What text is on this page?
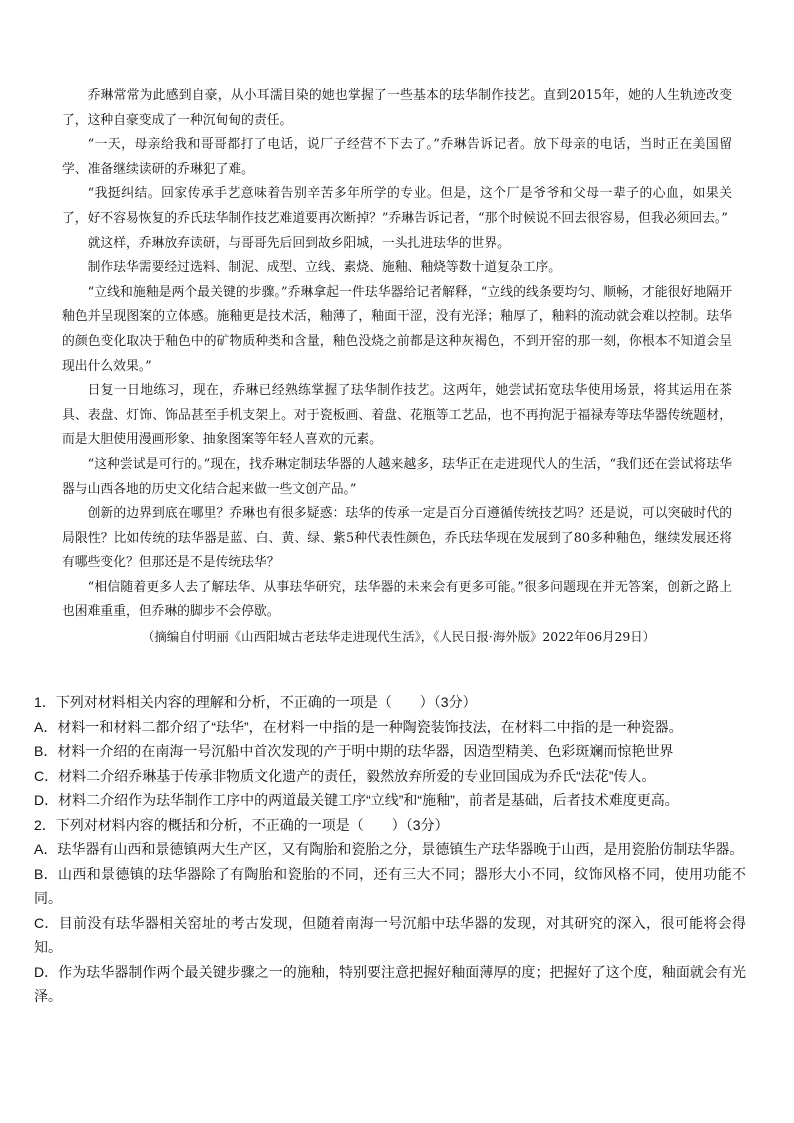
乔琳常常为此感到自豪，从小耳濡目染的她也掌握了一些基本的珐华制作技艺。直到2015年，她的人生轨迹改变了，这种自豪变成了一种沉甸甸的责任。

“一天，母亲给我和哥哥都打了电话，说厂子经营不下去了。”乔琳告诉记者。放下母亲的电话，当时正在美国留学、准备继续读研的乔琳犯了难。

“我挺纠结。回家传承手艺意味着告别辛苦多年所学的专业。但是，这个厂是爷爷和父母一辈子的心血，如果关了，好不容易恢复的乔氏珐华制作技艺难道要再次断掉？”乔琳告诉记者，“那个时候说不回去很容易，但我必须回去。”

就这样，乔琳放弃读研，与哥哥先后回到故乡阳城，一头扎进珐华的世界。

制作珐华需要经过选料、制泥、成型、立线、素烧、施釉、釉烧等数十道复杂工序。

“立线和施釉是两个最关键的步骤。”乔琳拿起一件珐华器给记者解释，“立线的线条要均匀、顺畅，才能很好地隔开釉色并呈现图案的立体感。施釉更是技术活，釉薄了，釉面干涩，没有光泽；釉厚了，釉料的流动就会难以控制。珐华的颜色变化取决于釉色中的矿物质种类和含量，釉色没烧之前都是这种灰褐色，不到开窑的那一刻，你根本不知道会呈现出什么效果。”

日复一日地练习，现在，乔琳已经熟练掌握了珐华制作技艺。这两年，她尝试拓宽珐华使用场景，将其运用在茶具、表盘、灯饰、饰品甚至手机支架上。对于瓷板画、着盘、花瓶等工艺品，也不再拘泥于福禄寿等珐华器传统题材，而是大胆使用漫画形象、抽象图案等年轻人喜欢的元素。

“这种尝试是可行的。”现在，找乔琳定制珐华器的人越来越多，珐华正在走进现代人的生活，“我们还在尝试将珐华器与山西各地的历史文化结合起来做一些文创产品。”

创新的边界到底在哪里？乔琳也有很多疑惑：珐华的传承一定是百分百遵循传统技艺吗？还是说，可以突破时代的局限性？比如传统的珐华器是蓝、白、黄、绿、紫5种代表性颜色，乔氏珐华现在发展到了80多种釉色，继续发展还将有哪些变化？但那还是不是传统珐华？

“相信随着更多人去了解珐华、从事珐华研究，珐华器的未来会有更多可能。”很多问题现在并无答案，创新之路上也困难重重，但乔琳的脚步不会停歇。

（摘编自付明丽《山西阳城古老珐华走进现代生活》，《人民日报·海外版》2022年06月29日）

1．下列对材料相关内容的理解和分析，不正确的一项是（　　）（3分）

A．材料一和材料二都介绍了“珐华”，在材料一中指的是一种陶瓷装饰技法，在材料二中指的是一种瓷器。

B．材料一介绍的在南海一号沉船中首次发现的产于明中期的珐华器，因造型精美、色彩斑斓而惊艳世界

C．材料二介绍乔琳基于传承非物质文化遗产的责任，毅然放弃所爱的专业回国成为乔氏“法花”传人。

D．材料二介绍作为珐华制作工序中的两道最关键工序“立线”和“施釉”，前者是基础，后者技术难度更高。

2．下列对材料内容的概括和分析，不正确的一项是（　　）（3分）

A．珐华器有山西和景德镇两大生产区，又有陶胎和瓷胎之分，景德镇生产珐华器晚于山西，是用瓷胎仿制珐华器。

B．山西和景德镇的珐华器除了有陶胎和瓷胎的不同，还有三大不同；器形大小不同，纹饰风格不同，使用功能不同。

C．目前没有珐华器相关窑址的考古发现，但随着南海一号沉船中珐华器的发现，对其研究的深入，很可能将会得知。

D．作为珐华器制作两个最关键步骤之一的施釉，特别要注意把握好釉面薄厚的度；把握好了这个度，釉面就会有光泽。
